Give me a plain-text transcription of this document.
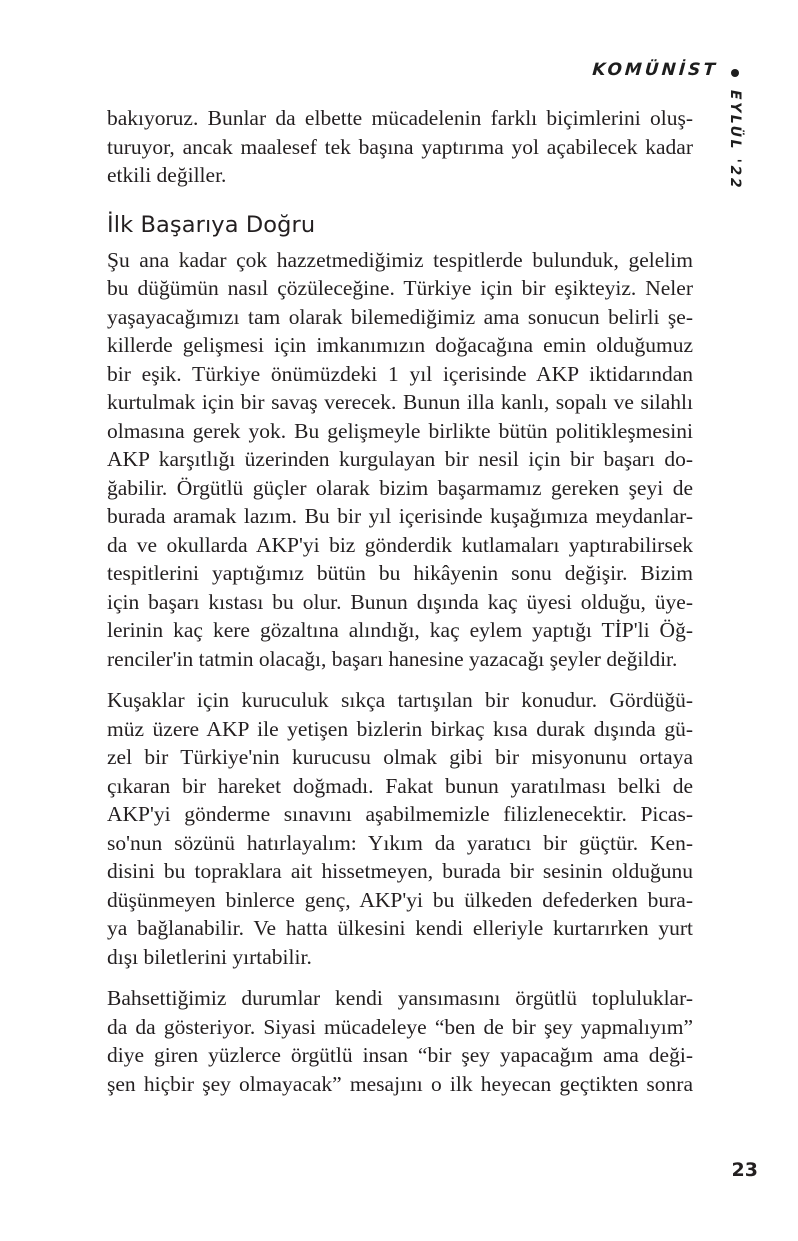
KOMÜNİST
EYLÜL '22

bakıyoruz. Bunlar da elbette mücadelenin farklı biçimlerini oluş-
turuyor, ancak maalesef tek başına yaptırıma yol açabilecek kadar
etkili değiller.

İlk Başarıya Doğru

Şu ana kadar çok hazzetmediğimiz tespitlerde bulunduk, gelelim
bu düğümün nasıl çözüleceğine. Türkiye için bir eşikteyiz. Neler
yaşayacağımızı tam olarak bilemediğimiz ama sonucun belirli şe-
killerde gelişmesi için imkanımızın doğacağına emin olduğumuz
bir eşik. Türkiye önümüzdeki 1 yıl içerisinde AKP iktidarından
kurtulmak için bir savaş verecek. Bunun illa kanlı, sopalı ve silahlı
olmasına gerek yok. Bu gelişmeyle birlikte bütün politikleşmesini
AKP karşıtlığı üzerinden kurgulayan bir nesil için bir başarı do-
ğabilir. Örgütlü güçler olarak bizim başarmamız gereken şeyi de
burada aramak lazım. Bu bir yıl içerisinde kuşağımıza meydanlar-
da ve okullarda AKP'yi biz gönderdik kutlamaları yaptırabilirsek
tespitlerini yaptığımız bütün bu hikâyenin sonu değişir. Bizim
için başarı kıstası bu olur. Bunun dışında kaç üyesi olduğu, üye-
lerinin kaç kere gözaltına alındığı, kaç eylem yaptığı TİP'li Öğ-
renciler'in tatmin olacağı, başarı hanesine yazacağı şeyler değildir.

Kuşaklar için kuruculuk sıkça tartışılan bir konudur. Gördüğü-
müz üzere AKP ile yetişen bizlerin birkaç kısa durak dışında gü-
zel bir Türkiye'nin kurucusu olmak gibi bir misyonunu ortaya
çıkaran bir hareket doğmadı. Fakat bunun yaratılması belki de
AKP'yi gönderme sınavını aşabilmemizle filizlenecektir. Picas-
so'nun sözünü hatırlayalım: Yıkım da yaratıcı bir güçtür. Ken-
disini bu topraklara ait hissetmeyen, burada bir sesinin olduğunu
düşünmeyen binlerce genç, AKP'yi bu ülkeden defederken bura-
ya bağlanabilir. Ve hatta ülkesini kendi elleriyle kurtarırken yurt
dışı biletlerini yırtabilir.

Bahsettiğimiz durumlar kendi yansımasını örgütlü topluluklar-
da da gösteriyor. Siyasi mücadeleye “ben de bir şey yapmalıyım”
diye giren yüzlerce örgütlü insan “bir şey yapacağım ama deği-
şen hiçbir şey olmayacak” mesajını o ilk heyecan geçtikten sonra

23
